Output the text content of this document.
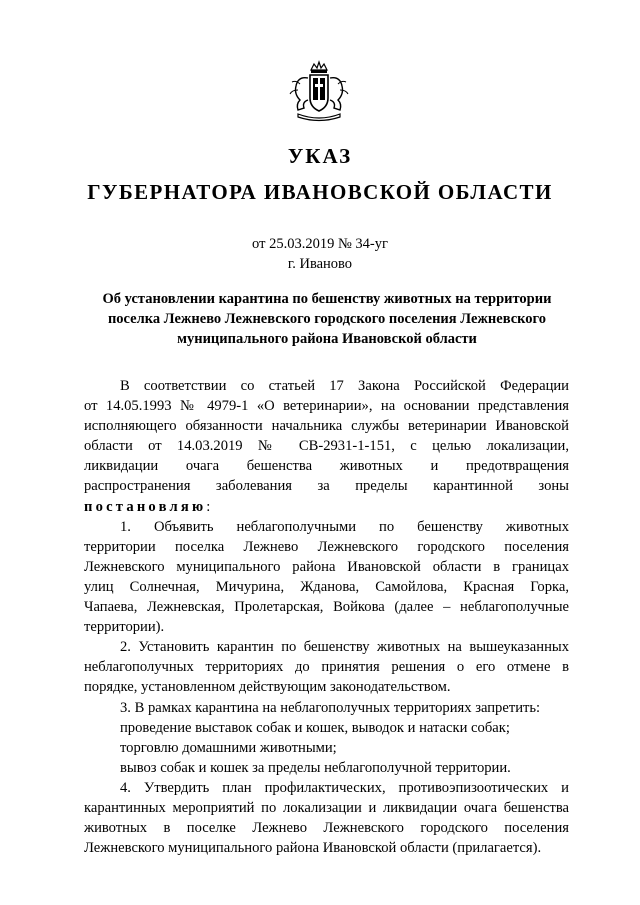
УКАЗ
ГУБЕРНАТОРА ИВАНОВСКОЙ ОБЛАСТИ
от 25.03.2019 № 34-уг
г. Иваново
Об установлении карантина по бешенству животных на территории
поселка Лежнево Лежневского городского поселения Лежневского
муниципального района Ивановской области
В соответствии со статьей 17 Закона Российской Федерации
от 14.05.1993 № 4979-1 «О ветеринарии», на основании представления
исполняющего обязанности начальника службы ветеринарии Ивановской
области от 14.03.2019 № СВ-2931-1-151, с целью локализации,
ликвидации очага бешенства животных и предотвращения
распространения заболевания за пределы карантинной зоны
постановляю:
1. Объявить неблагополучными по бешенству животных
территории поселка Лежнево Лежневского городского поселения
Лежневского муниципального района Ивановской области в границах
улиц Солнечная, Мичурина, Жданова, Самойлова, Красная Горка,
Чапаева, Лежневская, Пролетарская, Войкова (далее – неблагополучные
территории).
2. Установить карантин по бешенству животных на вышеуказанных
неблагополучных территориях до принятия решения о его отмене в
порядке, установленном действующим законодательством.
3. В рамках карантина на неблагополучных территориях запретить:
проведение выставок собак и кошек, выводок и натаски собак;
торговлю домашними животными;
вывоз собак и кошек за пределы неблагополучной территории.
4. Утвердить план профилактических, противоэпизоотических и
карантинных мероприятий по локализации и ликвидации очага бешенства
животных в поселке Лежнево Лежневского городского поселения
Лежневского муниципального района Ивановской области (прилагается).
